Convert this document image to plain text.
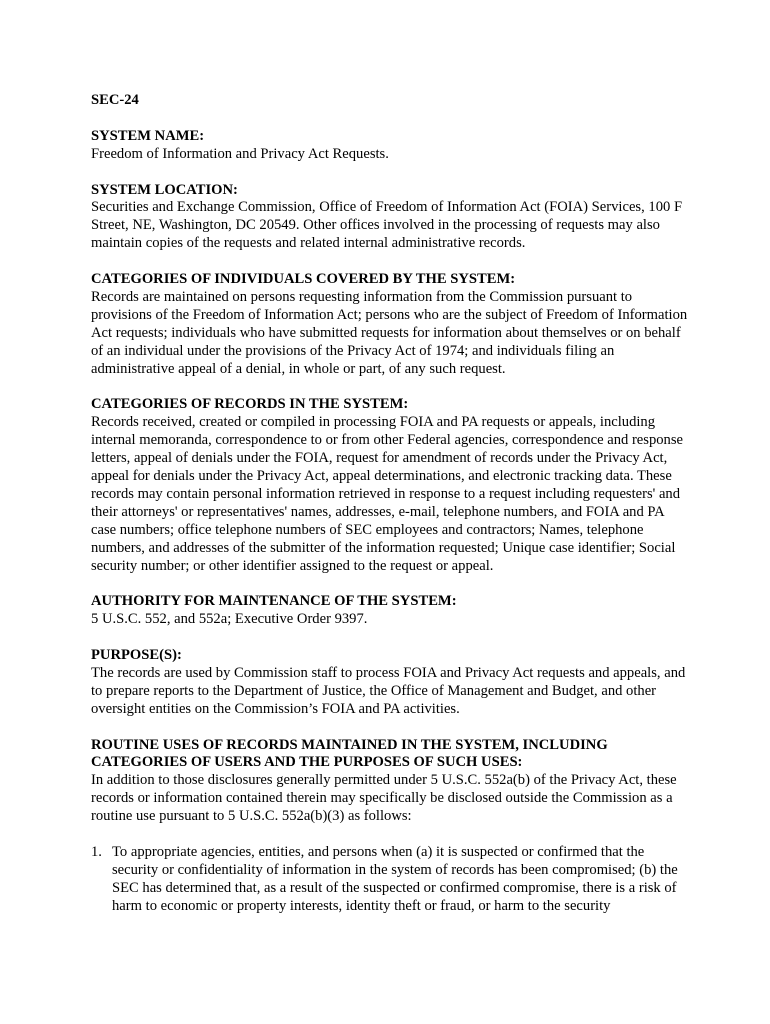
SEC-24

SYSTEM NAME:

Freedom of Information and Privacy Act Requests.

SYSTEM LOCATION:

Securities and Exchange Commission, Office of Freedom of Information Act (FOIA) Services, 100 F Street, NE, Washington, DC 20549. Other offices involved in the processing of requests may also maintain copies of the requests and related internal administrative records.

CATEGORIES OF INDIVIDUALS COVERED BY THE SYSTEM:

Records are maintained on persons requesting information from the Commission pursuant to provisions of the Freedom of Information Act; persons who are the subject of Freedom of Information Act requests; individuals who have submitted requests for information about themselves or on behalf of an individual under the provisions of the Privacy Act of 1974; and individuals filing an administrative appeal of a denial, in whole or part, of any such request.

CATEGORIES OF RECORDS IN THE SYSTEM:

Records received, created or compiled in processing FOIA and PA requests or appeals, including internal memoranda, correspondence to or from other Federal agencies, correspondence and response letters, appeal of denials under the FOIA, request for amendment of records under the Privacy Act, appeal for denials under the Privacy Act, appeal determinations, and electronic tracking data. These records may contain personal information retrieved in response to a request including requesters' and their attorneys' or representatives' names, addresses, e-mail, telephone numbers, and FOIA and PA case numbers; office telephone numbers of SEC employees and contractors; Names, telephone numbers, and addresses of the submitter of the information requested; Unique case identifier; Social security number; or other identifier assigned to the request or appeal.

AUTHORITY FOR MAINTENANCE OF THE SYSTEM:

5 U.S.C. 552, and 552a; Executive Order 9397.

PURPOSE(S):

The records are used by Commission staff to process FOIA and Privacy Act requests and appeals, and to prepare reports to the Department of Justice, the Office of Management and Budget, and other oversight entities on the Commission’s FOIA and PA activities.

ROUTINE USES OF RECORDS MAINTAINED IN THE SYSTEM, INCLUDING CATEGORIES OF USERS AND THE PURPOSES OF SUCH USES:

In addition to those disclosures generally permitted under 5 U.S.C. 552a(b) of the Privacy Act, these records or information contained therein may specifically be disclosed outside the Commission as a routine use pursuant to 5 U.S.C. 552a(b)(3) as follows:

1. To appropriate agencies, entities, and persons when (a) it is suspected or confirmed that the security or confidentiality of information in the system of records has been compromised; (b) the SEC has determined that, as a result of the suspected or confirmed compromise, there is a risk of harm to economic or property interests, identity theft or fraud, or harm to the security
